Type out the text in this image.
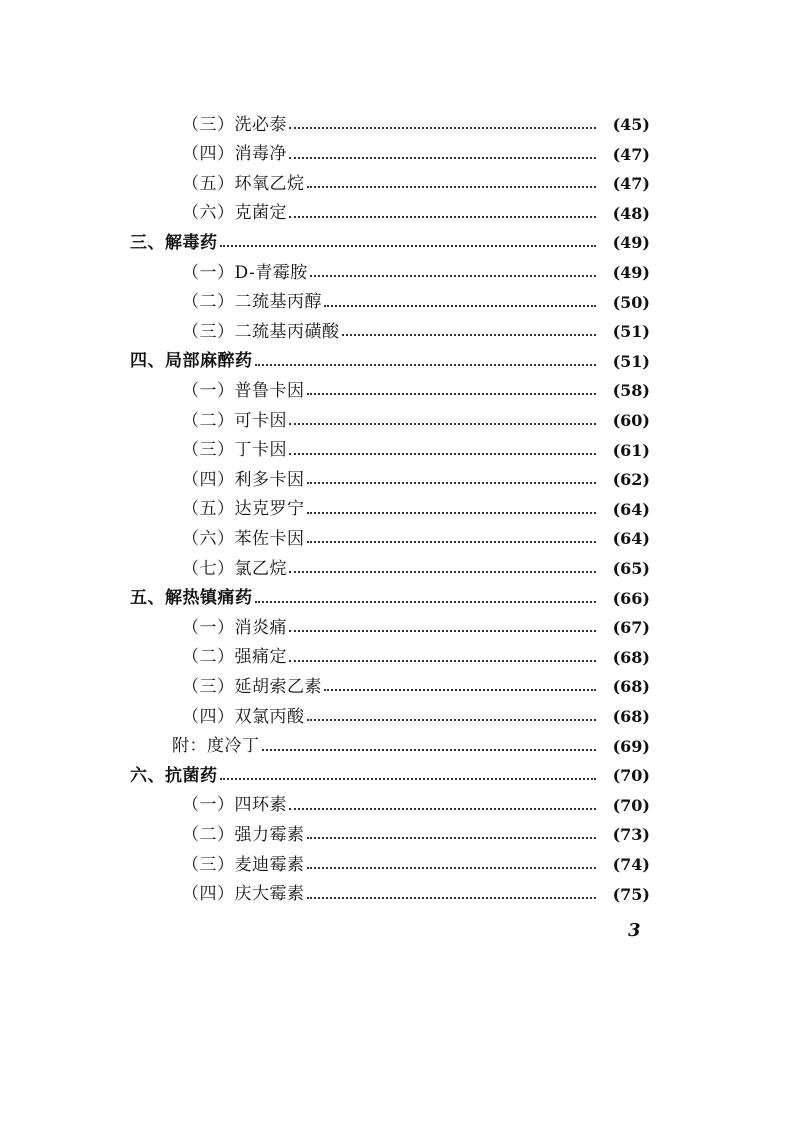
（三）洗必泰	(45)
（四）消毒净	(47)
（五）环氧乙烷	(47)
（六）克菌定	(48)
三、解毒药	(49)
（一）D-青霉胺	(49)
（二）二巯基丙醇	(50)
（三）二巯基丙磺酸	(51)
四、局部麻醉药	(51)
（一）普鲁卡因	(58)
（二）可卡因	(60)
（三）丁卡因	(61)
（四）利多卡因	(62)
（五）达克罗宁	(64)
（六）苯佐卡因	(64)
（七）氯乙烷	(65)
五、解热镇痛药	(66)
（一）消炎痛	(67)
（二）强痛定	(68)
（三）延胡索乙素	(68)
（四）双氯丙酸	(68)
附：度冷丁	(69)
六、抗菌药	(70)
（一）四环素	(70)
（二）强力霉素	(73)
（三）麦迪霉素	(74)
（四）庆大霉素	(75)
3
